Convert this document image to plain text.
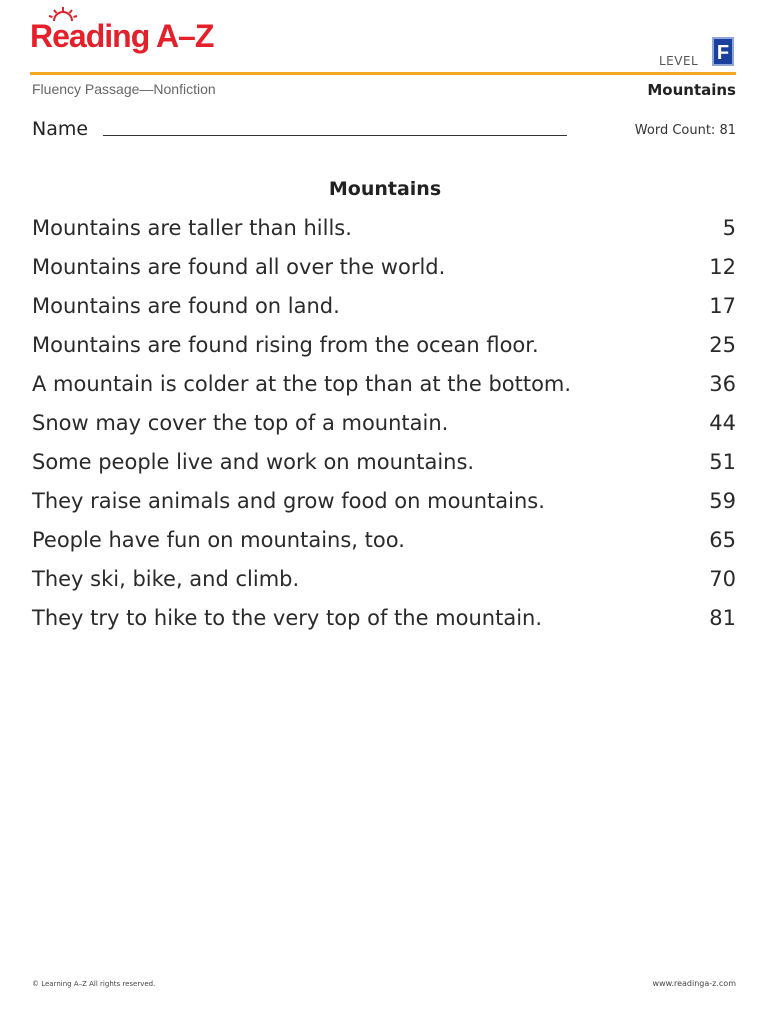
Reading A–Z
LEVEL F
Fluency Passage—Nonfiction	Mountains
Name	Word Count: 81
Mountains
Mountains are taller than hills.	5
Mountains are found all over the world.	12
Mountains are found on land.	17
Mountains are found rising from the ocean floor.	25
A mountain is colder at the top than at the bottom.	36
Snow may cover the top of a mountain.	44
Some people live and work on mountains.	51
They raise animals and grow food on mountains.	59
People have fun on mountains, too.	65
They ski, bike, and climb.	70
They try to hike to the very top of the mountain.	81
© Learning A–Z All rights reserved.	www.readinga-z.com
